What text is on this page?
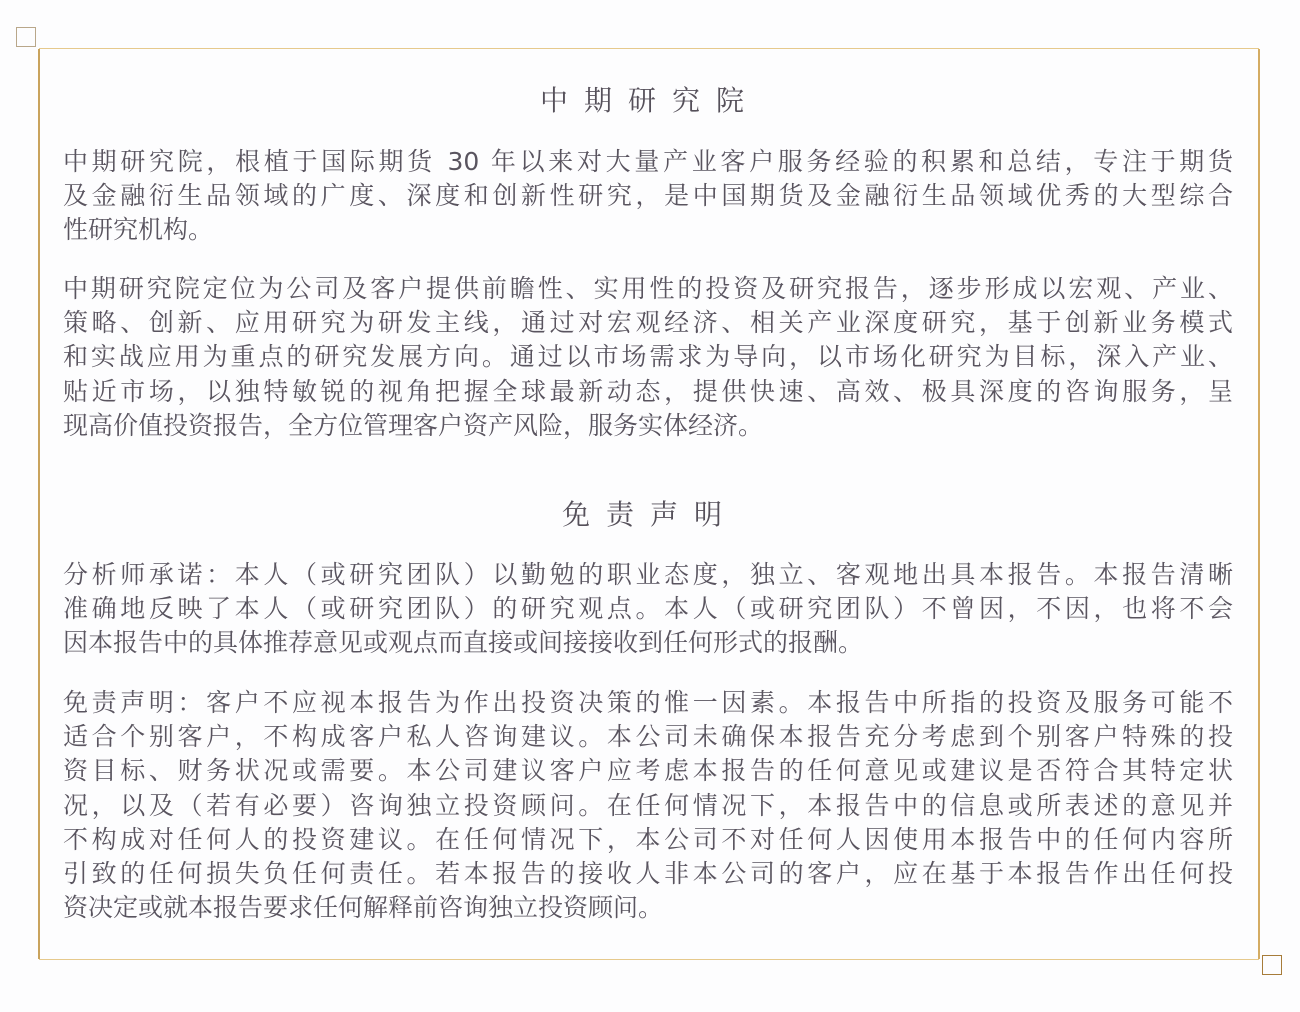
中期研究院
中期研究院，根植于国际期货 30 年以来对大量产业客户服务经验的积累和总结，专注于期货
及金融衍生品领域的广度、深度和创新性研究，是中国期货及金融衍生品领域优秀的大型综合
性研究机构。
中期研究院定位为公司及客户提供前瞻性、实用性的投资及研究报告，逐步形成以宏观、产业、
策略、创新、应用研究为研发主线，通过对宏观经济、相关产业深度研究，基于创新业务模式
和实战应用为重点的研究发展方向。通过以市场需求为导向，以市场化研究为目标，深入产业、
贴近市场，以独特敏锐的视角把握全球最新动态，提供快速、高效、极具深度的咨询服务，呈
现高价值投资报告，全方位管理客户资产风险，服务实体经济。
免责声明
分析师承诺：本人（或研究团队）以勤勉的职业态度，独立、客观地出具本报告。本报告清晰
准确地反映了本人（或研究团队）的研究观点。本人（或研究团队）不曾因，不因，也将不会
因本报告中的具体推荐意见或观点而直接或间接接收到任何形式的报酬。
免责声明：客户不应视本报告为作出投资决策的惟一因素。本报告中所指的投资及服务可能不
适合个别客户，不构成客户私人咨询建议。本公司未确保本报告充分考虑到个别客户特殊的投
资目标、财务状况或需要。本公司建议客户应考虑本报告的任何意见或建议是否符合其特定状
况，以及（若有必要）咨询独立投资顾问。在任何情况下，本报告中的信息或所表述的意见并
不构成对任何人的投资建议。在任何情况下，本公司不对任何人因使用本报告中的任何内容所
引致的任何损失负任何责任。若本报告的接收人非本公司的客户，应在基于本报告作出任何投
资决定或就本报告要求任何解释前咨询独立投资顾问。
